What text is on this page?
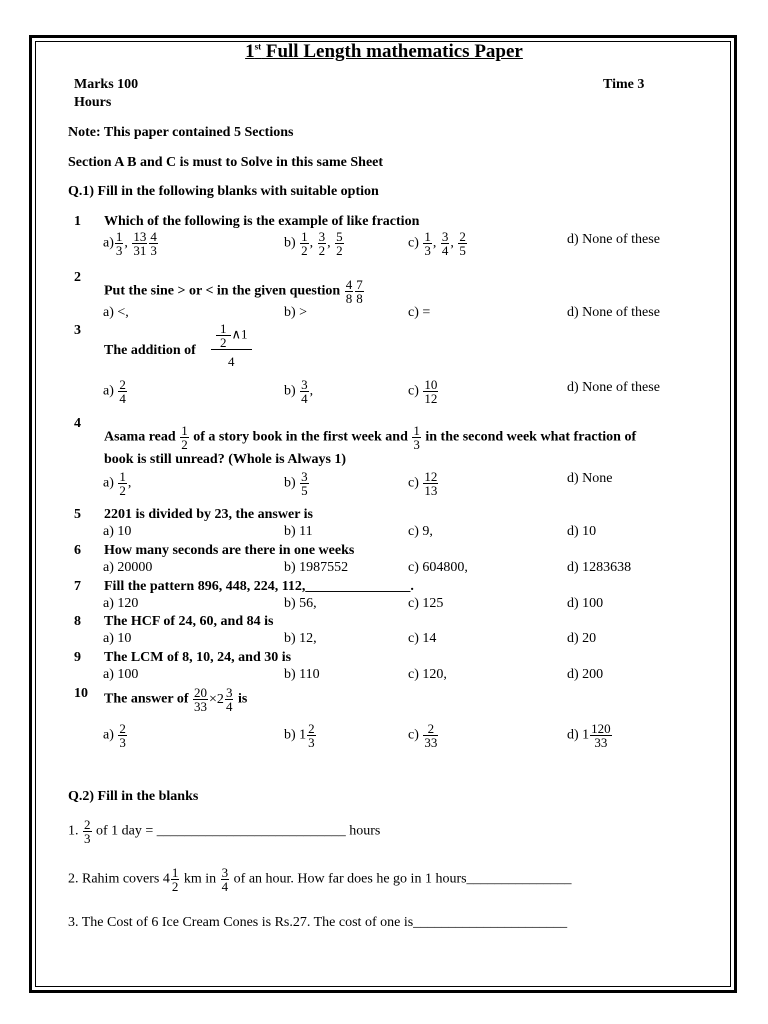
1st Full Length mathematics Paper
Marks 100
Hours
Time 3
Note: This paper contained 5 Sections
Section A B and C is must to Solve in this same Sheet
Q.1) Fill in the following blanks with suitable option
1 Which of the following is the example of like fraction
$a) \frac{1}{3}$ , $\frac{13}{31} \frac{4}{3}$	$b) \frac{1}{2}$ , $\frac{3}{2}$ , $\frac{5}{2}$	$c) \frac{1}{3}$ , $\frac{3}{4}$ , $\frac{2}{5}$	d) None of these
2
Put the sine > or < in the given question $\frac{4}{8} \frac{7}{8}$
a) <,	b) >	c) =	d) None of these
3
The addition of $\frac{\frac{1}{2} \wedge 1}{4}$
$a) \frac{2}{4}$	$b) \frac{3}{4}$ ,	$c) \frac{10}{12}$	d) None of these
4
Asama read $\frac{1}{2}$ of a story book in the first week and $\frac{1}{3}$ in the second week what fraction of
book is still unread? (Whole is Always 1)
$a) \frac{1}{2}$ ,	$b) \frac{3}{5}$	$c) \frac{12}{13}$	d) None
5 2201 is divided by 23, the answer is
a) 10	b) 11	c) 9,	d) 10
6 How many seconds are there in one weeks
a) 20000	b) 1987552	c) 604800,	d) 1283638
7 Fill the pattern 896, 448, 224, 112,_______________.
a) 120	b) 56,	c) 125	d) 100
8 The HCF of 24, 60, and 84 is
a) 10	b) 12,	c) 14	d) 20
9 The LCM of 8, 10, 24, and 30 is
a) 100	b) 110	c) 120,	d) 200
10 The answer of $\frac{20}{33} \times 2 \frac{3}{4}$ is
$a) \frac{2}{3}$	b) $1 \frac{2}{3}$	$c) \frac{2}{33}$	d) $1 \frac{120}{33}$
Q.2) Fill in the blanks
1. $\frac{2}{3}$ of 1 day = ___________________________ hours
2. Rahim covers $4 \frac{1}{2}$ km in $\frac{3}{4}$ of an hour. How far does he go in 1 hours_______________
3. The Cost of 6 Ice Cream Cones is Rs.27. The cost of one is______________________
